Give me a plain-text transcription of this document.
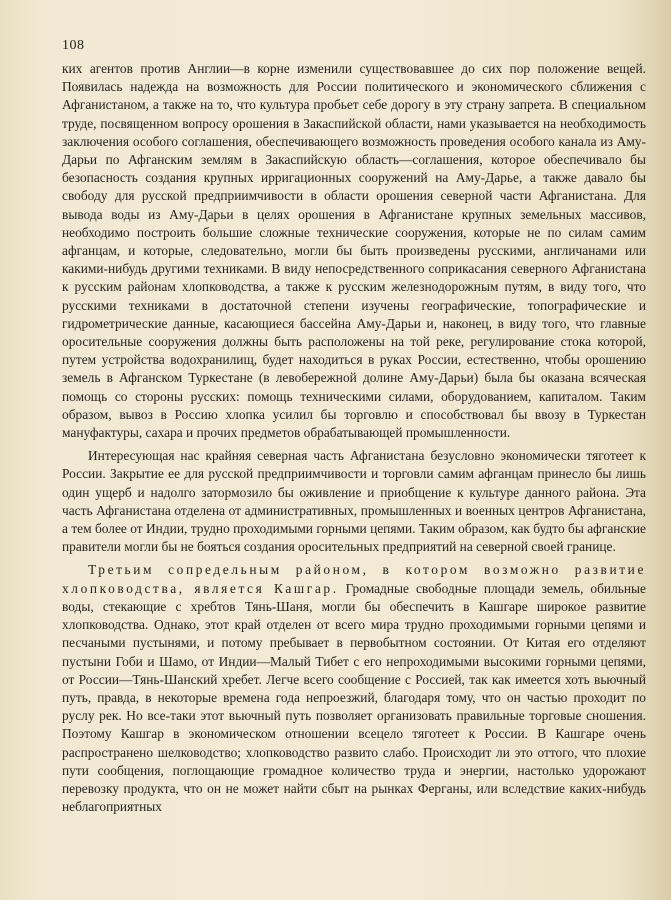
108

ких агентов против Англии—в корне изменили существовавшее до сих пор положение вещей. Появилась надежда на возможность для России политического и экономического сближения с Афганистаном, а также на то, что культура пробьет себе дорогу в эту страну запрета. В специальном труде, посвященном вопросу орошения в Закаспийской области, нами указывается на необходимость заключения особого соглашения, обеспечивающего возможность проведения особого канала из Аму-Дарьи по Афганским землям в Закаспийскую область—соглашения, которое обеспечивало бы безопасность создания крупных ирригационных сооружений на Аму-Дарье, а также давало бы свободу для русской предприимчивости в области орошения северной части Афганистана. Для вывода воды из Аму-Дарьи в целях орошения в Афганистане крупных земельных массивов, необходимо построить большие сложные технические сооружения, которые не по силам самим афганцам, и которые, следовательно, могли бы быть произведены русскими, англичанами или какими-нибудь другими техниками. В виду непосредственного соприкасания северного Афганистана к русским районам хлопководства, а также к русским железнодорожным путям, в виду того, что русскими техниками в достаточной степени изучены географические, топографические и гидрометрические данные, касающиеся бассейна Аму-Дарьи и, наконец, в виду того, что главные оросительные сооружения должны быть расположены на той реке, регулирование стока которой, путем устройства водохранилищ, будет находиться в руках России, естественно, чтобы орошению земель в Афганском Туркестане (в левобережной долине Аму-Дарьи) была бы оказана всяческая помощь со стороны русских: помощь техническими силами, оборудованием, капиталом. Таким образом, вывоз в Россию хлопка усилил бы торговлю и способствовал бы ввозу в Туркестан мануфактуры, сахара и прочих предметов обрабатывающей промышленности.

Интересующая нас крайняя северная часть Афганистана безусловно экономически тяготеет к России. Закрытие ее для русской предприимчивости и торговли самим афганцам принесло бы лишь один ущерб и надолго затормозило бы оживление и приобщение к культуре данного района. Эта часть Афганистана отделена от административных, промышленных и военных центров Афганистана, а тем более от Индии, трудно проходимыми горными цепями. Таким образом, как будто бы афганские правители могли бы не бояться создания оросительных предприятий на северной своей границе.

Третьим сопредельным районом, в котором возможно развитие хлопководства, является Кашгар. Громадные свободные площади земель, обильные воды, стекающие с хребтов Тянь-Шаня, могли бы обеспечить в Кашгаре широкое развитие хлопководства. Однако, этот край отделен от всего мира трудно проходимыми горными цепями и песчаными пустынями, и потому пребывает в первобытном состоянии. От Китая его отделяют пустыни Гоби и Шамо, от Индии—Малый Тибет с его непроходимыми высокими горными цепями, от России—Тянь-Шанский хребет. Легче всего сообщение с Россией, так как имеется хоть вьючный путь, правда, в некоторые времена года непроезжий, благодаря тому, что он частью проходит по руслу рек. Но все-таки этот вьючный путь позволяет организовать правильные торговые сношения. Поэтому Кашгар в экономическом отношении всецело тяготеет к России. В Кашгаре очень распространено шелководство; хлопководство развито слабо. Происходит ли это оттого, что плохие пути сообщения, поглощающие громадное количество труда и энергии, настолько удорожают перевозку продукта, что он не может найти сбыт на рынках Ферганы, или вследствие каких-нибудь неблагоприятных
